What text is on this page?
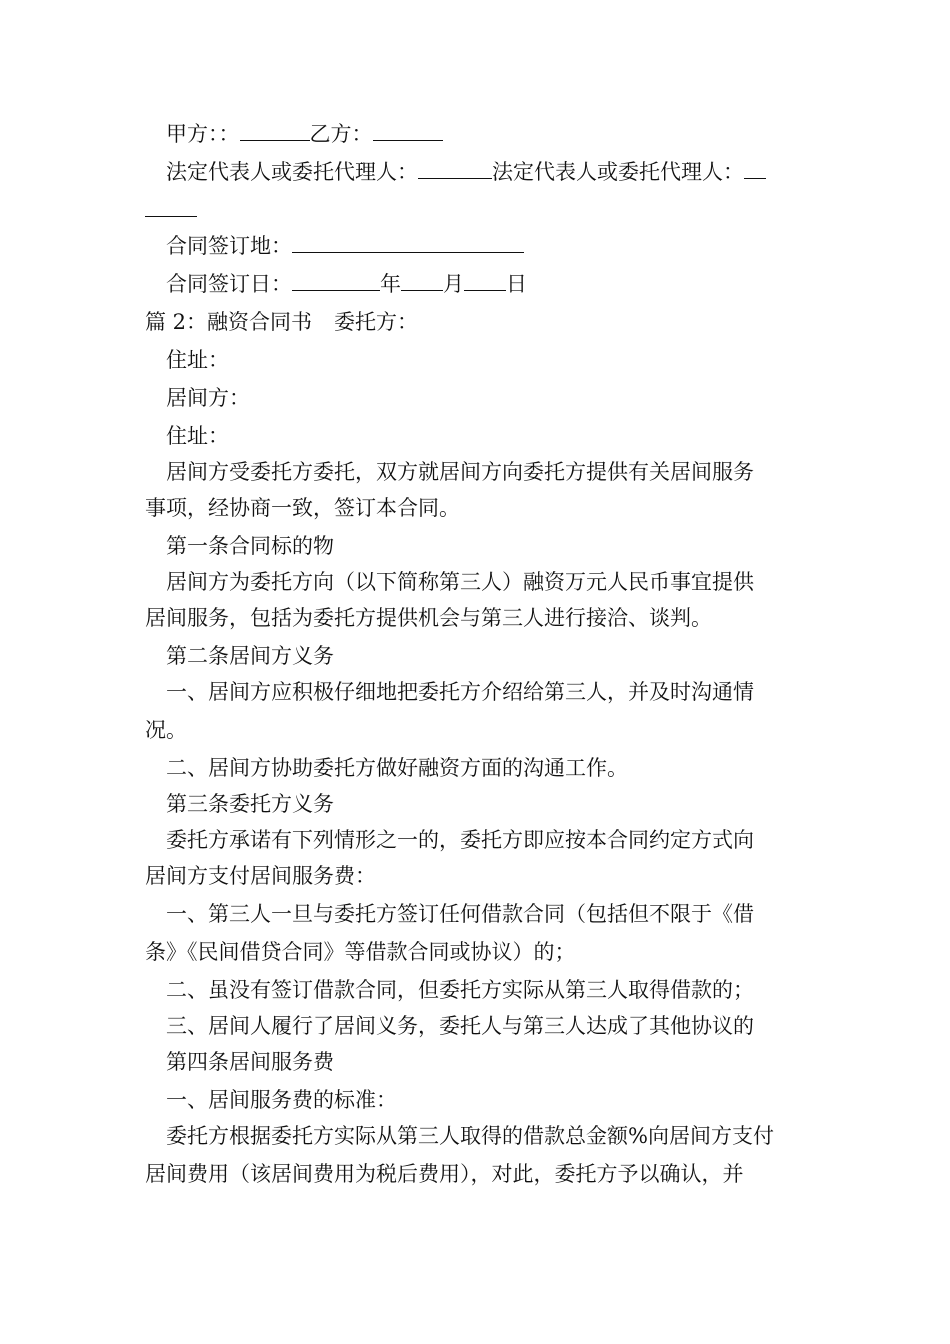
甲方：：	乙方：
法定代表人或委托代理人：	法定代表人或委托代理人：
合同签订地：
合同签订日：	年 月 日
篇 2：融资合同书 委托方：
住址：
居间方：
住址：
居间方受委托方委托，双方就居间方向委托方提供有关居间服务
事项，经协商一致，签订本合同。
第一条合同标的物
居间方为委托方向（以下简称第三人）融资万元人民币事宜提供
居间服务，包括为委托方提供机会与第三人进行接洽、谈判。
第二条居间方义务
一、居间方应积极仔细地把委托方介绍给第三人，并及时沟通情
况。
二、居间方协助委托方做好融资方面的沟通工作。
第三条委托方义务
委托方承诺有下列情形之一的，委托方即应按本合同约定方式向
居间方支付居间服务费：
一、第三人一旦与委托方签订任何借款合同（包括但不限于《借
条》《民间借贷合同》等借款合同或协议）的；
二、虽没有签订借款合同，但委托方实际从第三人取得借款的；
三、居间人履行了居间义务，委托人与第三人达成了其他协议的
第四条居间服务费
一、居间服务费的标准：
委托方根据委托方实际从第三人取得的借款总金额%向居间方支付
居间费用（该居间费用为税后费用），对此，委托方予以确认，并
